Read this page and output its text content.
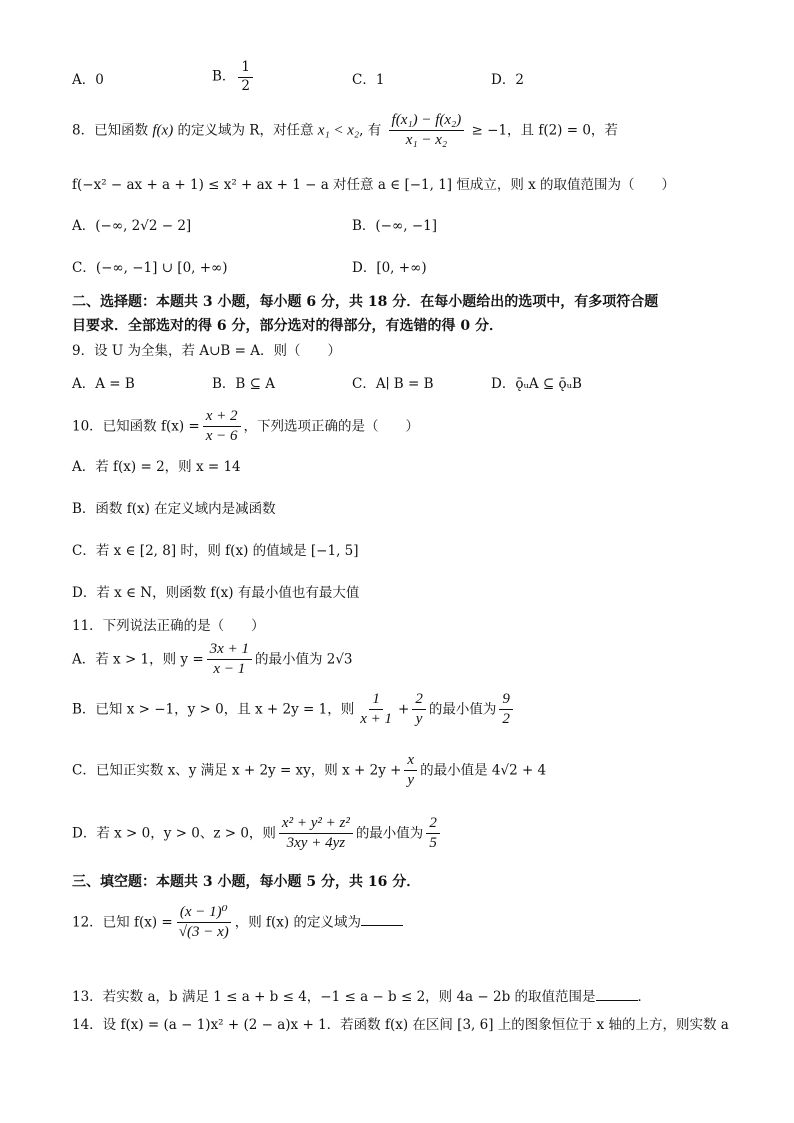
A．0	B． $\frac{1}{2}$	C．1	D．2
8．已知函数 f(x) 的定义域为 R，对任意 x₁ < x₂, 有 $\frac{\text{f(x₁) − f(x₂)}}{\text{x₁ − x₂}} \ge -1$，且 f(2) = 0，若
f(−x² − ax + a + 1) ≤ x² + ax + 1 − a 对任意 a ∈ [−1, 1] 恒成立，则 x 的取值范围为（　　）
A．(−∞, 2√2 − 2]	B．(−∞, −1]
C．(−∞, −1] ∪ [0, +∞)	D．[0, +∞)
二、选择题：本题共 3 小题，每小题 6 分，共 18 分．在每小题给出的选项中，有多项符合题
目要求．全部选对的得 6 分，部分选对的得部分，有选错的得 0 分．
9．设 U 为全集，若 A∪B = A．则（　　）
A．A = B	B．B ⊆ A	C．A∣ B = B	D．ǭᵤA ⊆ ǭᵤB
10．已知函数 $f(x) = \frac{x + 2}{x - 6}$ ，下列选项正确的是（　　）
A．若 f(x) = 2，则 x = 14
B．函数 f(x) 在定义域内是减函数
C．若 x ∈ [2, 8] 时，则 f(x) 的值域是 [−1, 5]
D．若 x ∈ N，则函数 f(x) 有最小值也有最大值
11．下列说法正确的是（　　）
A．若 x > 1，则 $y = \frac{3x + 1}{x - 1}$ 的最小值为 2√3
B．已知 x > −1，y > 0，且 x + 2y = 1，则 $\frac{1}{x + 1} + \frac{2}{y}$ 的最小值为 $\frac{9}{2}$
C．已知正实数 x、y 满足 x + 2y = xy，则 $x + 2y + \frac{x}{y}$ 的最小值是 4√2 + 4
D．若 x > 0，y > 0、z > 0，则 $\frac{\text{x² + y² + z²}}{3xy + 4yz}$ 的最小值为 $\frac{2}{5}$
三、填空题：本题共 3 小题，每小题 5 分，共 16 分．
12．已知 $f(x) = \frac{\text{(x − 1)⁰}}{√(3 - x)}$ ，则 f(x) 的定义域为
13．若实数 a，b 满足 1 ≤ a + b ≤ 4，−1 ≤ a − b ≤ 2，则 4a − 2b 的取值范围是	．
14．设 f(x) = (a − 1)x² + (2 − a)x + 1．若函数 f(x) 在区间 [3, 6] 上的图象恒位于 x 轴的上方，则实数 a
